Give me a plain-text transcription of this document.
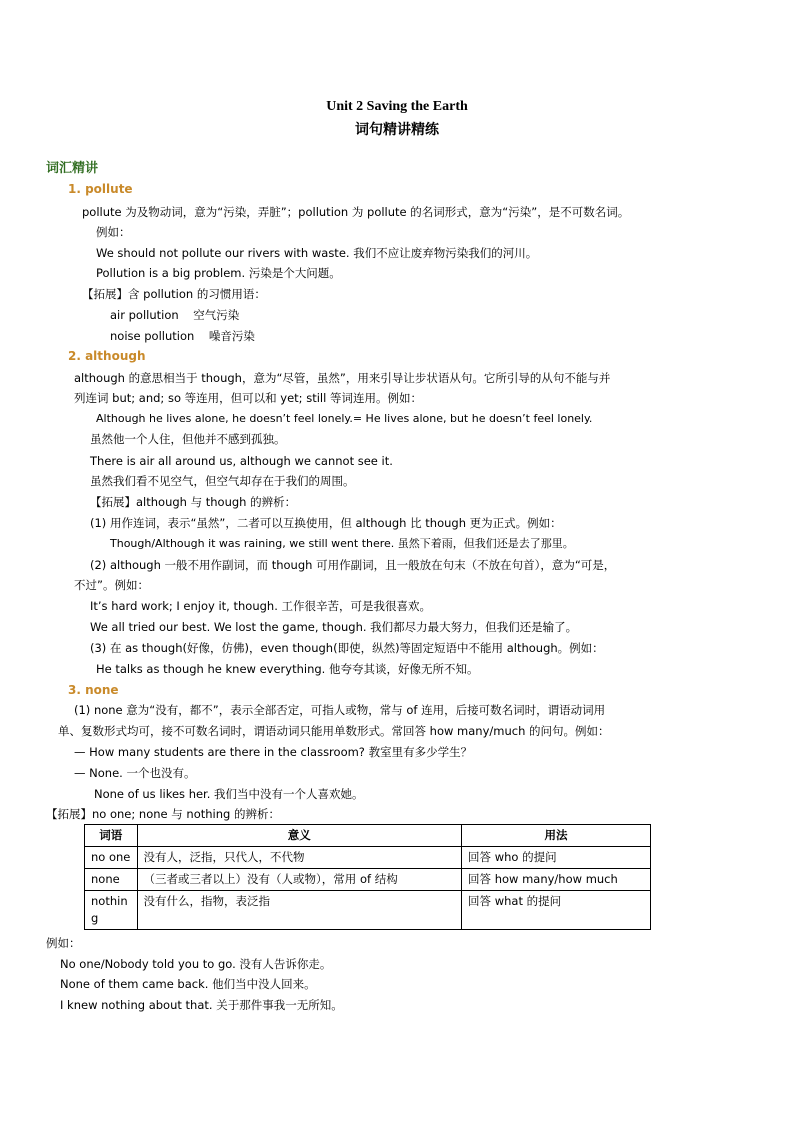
Unit 2 Saving the Earth
词句精讲精练
词汇精讲
1. pollute
pollute 为及物动词，意为“污染，弄脏”；pollution 为 pollute 的名词形式，意为“污染”，是不可数名词。
例如：
We should not pollute our rivers with waste. 我们不应让废弃物污染我们的河川。
Pollution is a big problem. 污染是个大问题。
【拓展】含 pollution 的习惯用语：
air pollution    空气污染
noise pollution    噪音污染
2. although
although 的意思相当于 though，意为“尽管，虽然”，用来引导让步状语从句。它所引导的从句不能与并
列连词 but; and; so 等连用，但可以和 yet; still 等词连用。例如：
Although he lives alone, he doesn’t feel lonely.= He lives alone, but he doesn’t feel lonely.
虽然他一个人住，但他并不感到孤独。
There is air all around us, although we cannot see it.
虽然我们看不见空气，但空气却存在于我们的周围。
【拓展】although 与 though 的辨析：
(1) 用作连词，表示“虽然”，二者可以互换使用，但 although 比 though 更为正式。例如：
Though/Although it was raining, we still went there. 虽然下着雨，但我们还是去了那里。
(2) although 一般不用作副词，而 though 可用作副词，且一般放在句末（不放在句首），意为“可是，
不过”。例如：
It’s hard work; I enjoy it, though. 工作很辛苦，可是我很喜欢。
We all tried our best. We lost the game, though. 我们都尽力最大努力，但我们还是输了。
(3) 在 as though(好像，仿佛)，even though(即使，纵然)等固定短语中不能用 although。例如：
He talks as though he knew everything. 他夸夸其谈，好像无所不知。
3. none
(1) none 意为“没有，都不”，表示全部否定，可指人或物，常与 of 连用，后接可数名词时，谓语动词用
单、复数形式均可，接不可数名词时，谓语动词只能用单数形式。常回答 how many/much 的问句。例如：
— How many students are there in the classroom? 教室里有多少学生？
— None. 一个也没有。
None of us likes her. 我们当中没有一个人喜欢她。
【拓展】no one; none 与 nothing 的辨析：
词语	意义	用法
no one	没有人，泛指，只代人，不代物	回答 who 的提问
none	（三者或三者以上）没有（人或物），常用 of 结构	回答 how many/how much
nothing	没有什么，指物，表泛指	回答 what 的提问
例如：
No one/Nobody told you to go. 没有人告诉你走。
None of them came back. 他们当中没人回来。
I knew nothing about that. 关于那件事我一无所知。
